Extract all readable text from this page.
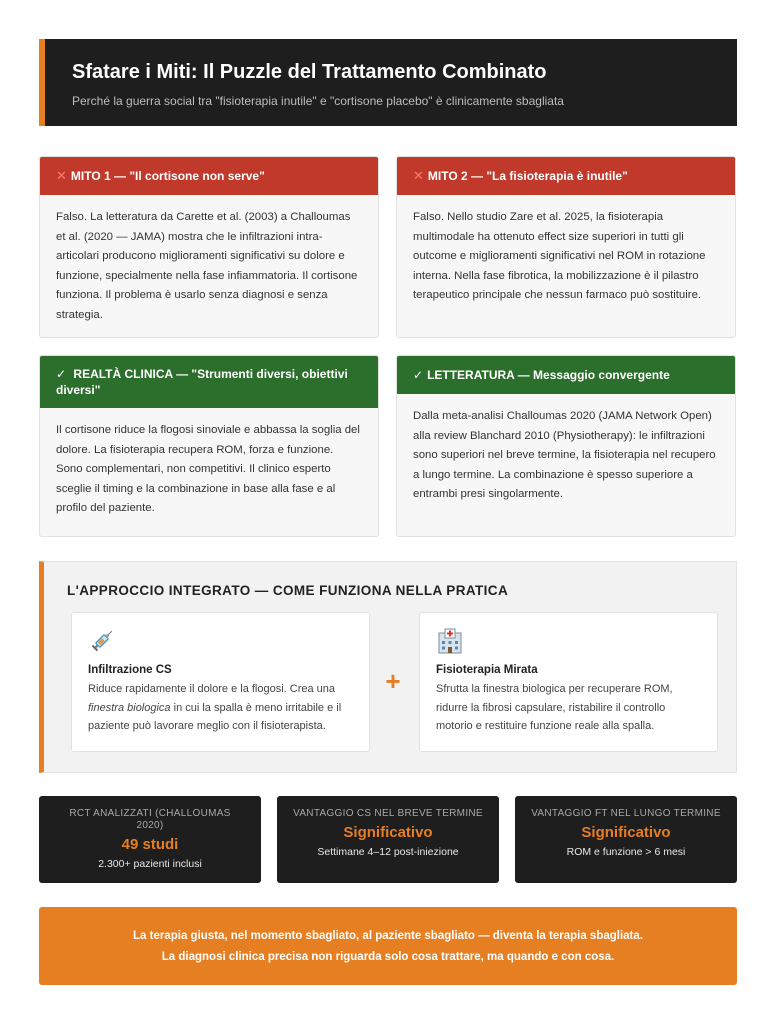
Sfatare i Miti: Il Puzzle del Trattamento Combinato

Perché la guerra social tra "fisioterapia inutile" e "cortisone placebo" è clinicamente sbagliata

✕ MITO 1 — "Il cortisone non serve"
Falso. La letteratura da Carette et al. (2003) a Challoumas et al. (2020 — JAMA) mostra che le infiltrazioni intra-articolari producono miglioramenti significativi su dolore e funzione, specialmente nella fase infiammatoria. Il cortisone funziona. Il problema è usarlo senza diagnosi e senza strategia.
✕ MITO 2 — "La fisioterapia è inutile"
Falso. Nello studio Zare et al. 2025, la fisioterapia multimodale ha ottenuto effect size superiori in tutti gli outcome e miglioramenti significativi nel ROM in rotazione interna. Nella fase fibrotica, la mobilizzazione è il pilastro terapeutico principale che nessun farmaco può sostituire.
✓ REALTÀ CLINICA — "Strumenti diversi, obiettivi diversi"
Il cortisone riduce la flogosi sinoviale e abbassa la soglia del dolore. La fisioterapia recupera ROM, forza e funzione. Sono complementari, non competitivi. Il clinico esperto sceglie il timing e la combinazione in base alla fase e al profilo del paziente.
✓ LETTERATURA — Messaggio convergente
Dalla meta-analisi Challoumas 2020 (JAMA Network Open) alla review Blanchard 2010 (Physiotherapy): le infiltrazioni sono superiori nel breve termine, la fisioterapia nel recupero a lungo termine. La combinazione è spesso superiore a entrambi presi singolarmente.
L'APPROCCIO INTEGRATO — COME FUNZIONA NELLA PRATICA
Infiltrazione CS

Riduce rapidamente il dolore e la flogosi. Crea una finestra biologica in cui la spalla è meno irritabile e il paziente può lavorare meglio con il fisioterapista.

+	Fisioterapia Mirata

Sfrutta la finestra biologica per recuperare ROM, ridurre la fibrosi capsulare, ristabilire il controllo motorio e restituire funzione reale alla spalla.

RCT ANALIZZATI (CHALLOUMAS 2020)
49 studi
2.300+ pazienti inclusi
VANTAGGIO CS NEL BREVE TERMINE
Significativo
Settimane 4–12 post-iniezione
VANTAGGIO FT NEL LUNGO TERMINE
Significativo
ROM e funzione > 6 mesi

La terapia giusta, nel momento sbagliato, al paziente sbagliato — diventa la terapia sbagliata.

La diagnosi clinica precisa non riguarda solo cosa trattare, ma quando e con cosa.
